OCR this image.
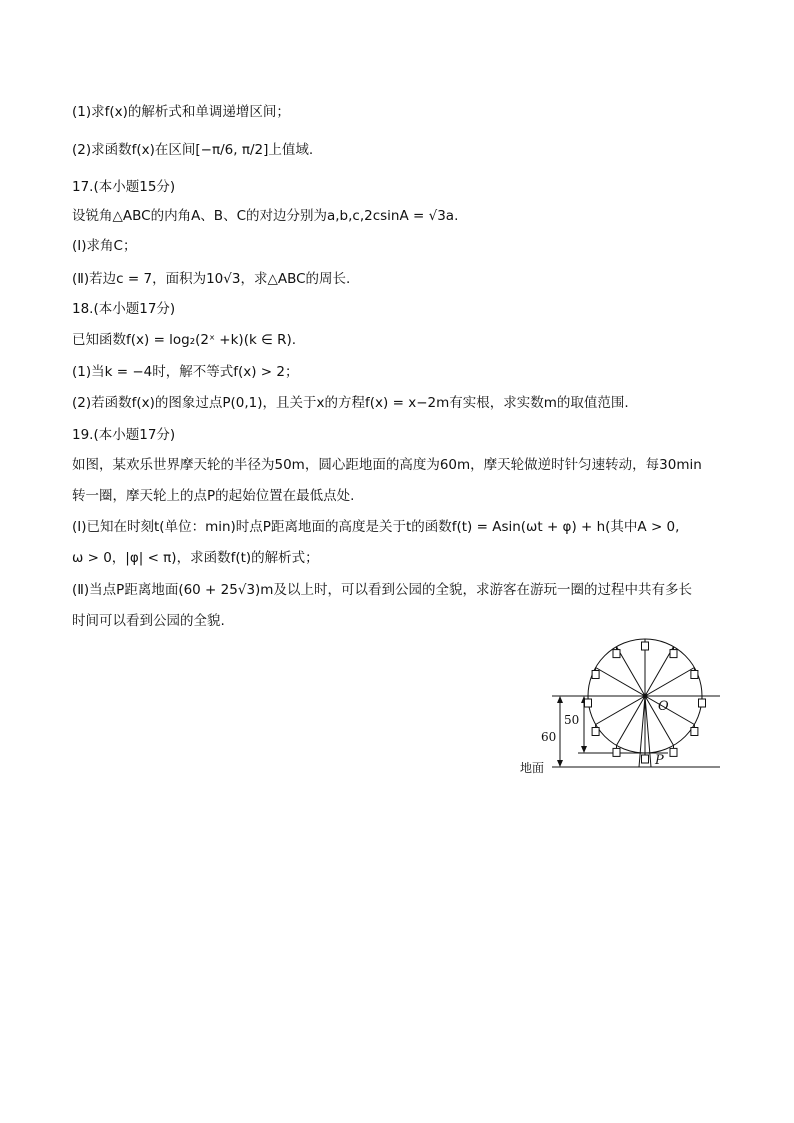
(1)求f(x)的解析式和单调递增区间；
(2)求函数f(x)在区间[−π/6, π/2]上值域.
17.(本小题15分)
设锐角△ABC的内角A、B、C的对边分别为a,b,c,2csinA = √3a.
(Ⅰ)求角C；
(Ⅱ)若边c = 7，面积为10√3，求△ABC的周长.
18.(本小题17分)
已知函数f(x) = log₂(2ˣ +k)(k ∈ R).
(1)当k = −4时，解不等式f(x) > 2；
(2)若函数f(x)的图象过点P(0,1)，且关于x的方程f(x) = x−2m有实根，求实数m的取值范围.
19.(本小题17分)
如图，某欢乐世界摩天轮的半径为50m，圆心距地面的高度为60m，摩天轮做逆时针匀速转动，每30min
转一圈，摩天轮上的点P的起始位置在最低点处.
(Ⅰ)已知在时刻t(单位：min)时点P距离地面的高度是关于t的函数f(t) = Asin(ωt + φ) + h(其中A > 0,
ω > 0，|φ| < π)，求函数f(t)的解析式；
(Ⅱ)当点P距离地面(60 + 25√3)m及以上时，可以看到公园的全貌，求游客在游玩一圈的过程中共有多长
时间可以看到公园的全貌.
50
60
地面
O
P
